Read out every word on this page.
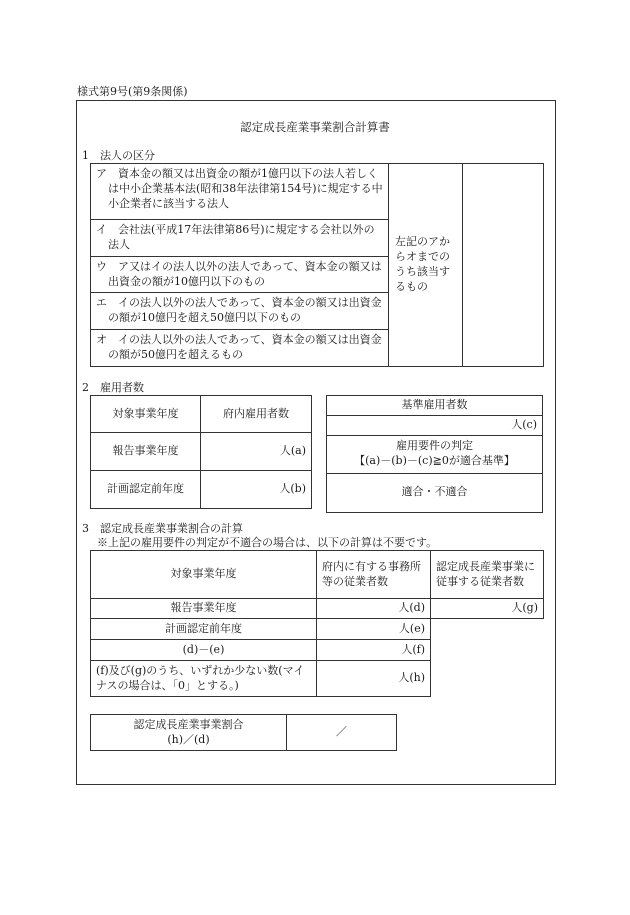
様式第9号(第9条関係)
認定成長産業事業割合計算書
1　法人の区分
ア　 資本金の額又は出資金の額が1億円以下の法人若しくは中小企業基本法(昭和38年法律第154号)に規定する中小企業者に該当する法人	左記のアからオまでのうち該当するもの	
イ　 会社法(平成17年法律第86号)に規定する会社以外の法人
ウ　 ア又はイの法人以外の法人であって、資本金の額又は出資金の額が10億円以下のもの
エ　 イの法人以外の法人であって、資本金の額又は出資金の額が10億円を超え50億円以下のもの
オ　 イの法人以外の法人であって、資本金の額又は出資金の額が50億円を超えるもの
2　雇用者数
対象事業年度	府内雇用者数
報告事業年度	人(a)
計画認定前年度	人(b)
基準雇用者数
人(c)

雇用要件の判定
【(a)－(b)－(c)≧0が適合基準】

適合・不適合
3　認定成長産業事業割合の計算
※上記の雇用要件の判定が不適合の場合は、以下の計算は不要です。
対象事業年度	府内に有する事務所等の従業者数	認定成長産業事業に従事する従業者数
報告事業年度	人(d)	人(g)
計画認定前年度	人(e)	
(d)－(e)	人(f)	
(f)及び(g)のうち、いずれか少ない数(マイナスの場合は、「0」とする。)	人(h)	
認定成長産業事業割合
(h)／(d)
	／
